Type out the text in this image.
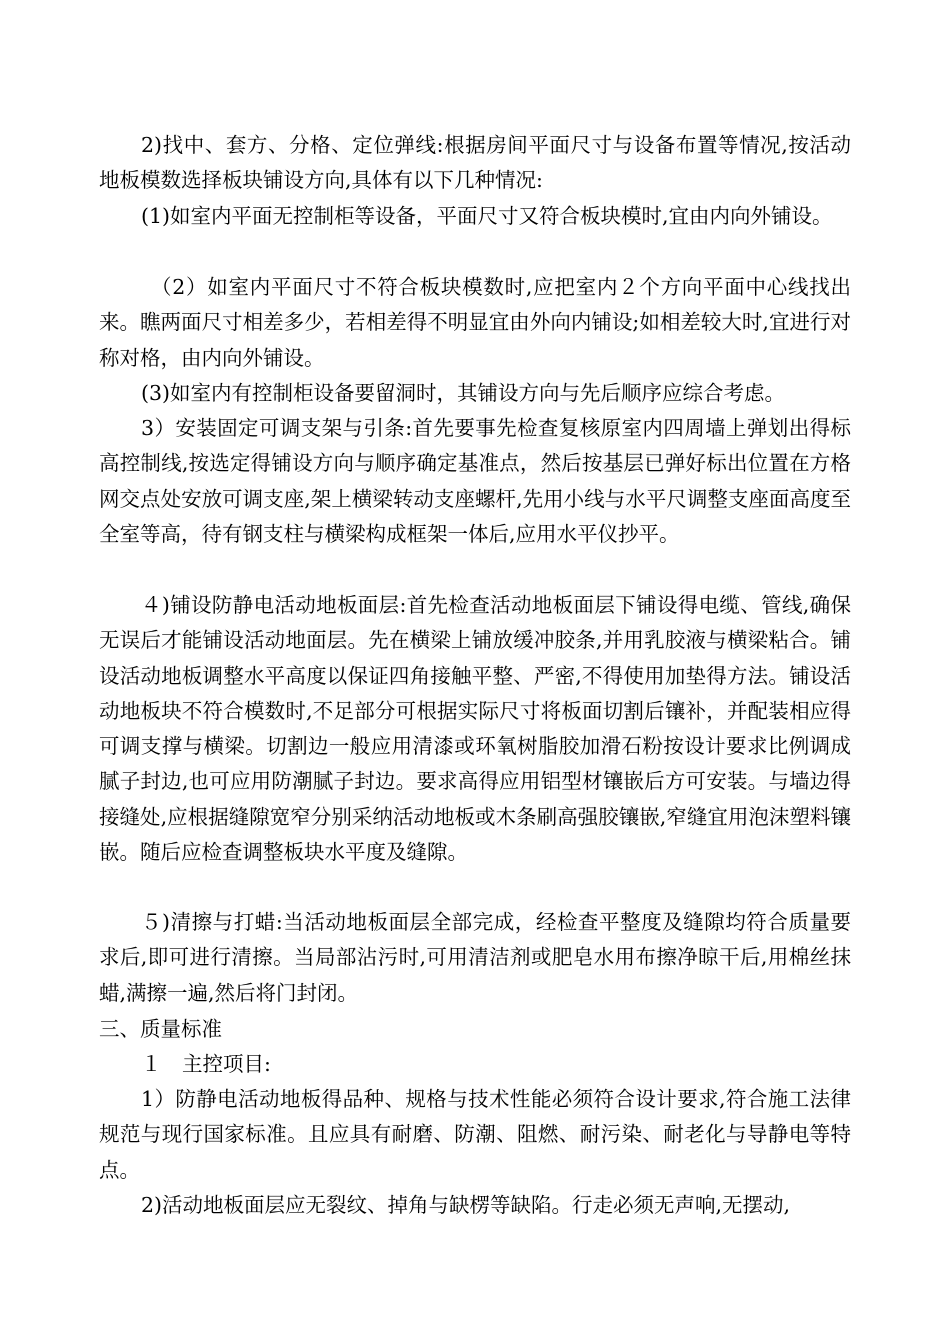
2)找中、套方、分格、定位弹线:根据房间平面尺寸与设备布置等情况,按活动地板模数选择板块铺设方向,具体有以下几种情况:

(1)如室内平面无控制柜等设备，平面尺寸又符合板块模时,宜由内向外铺设。

（2）如室内平面尺寸不符合板块模数时,应把室内２个方向平面中心线找出来。瞧两面尺寸相差多少，若相差得不明显宜由外向内铺设;如相差较大时,宜进行对称对格，由内向外铺设。

(3)如室内有控制柜设备要留洞时，其铺设方向与先后顺序应综合考虑。

3）安装固定可调支架与引条:首先要事先检查复核原室内四周墙上弹划出得标高控制线,按选定得铺设方向与顺序确定基准点，然后按基层已弹好标出位置在方格网交点处安放可调支座,架上横梁转动支座螺杆,先用小线与水平尺调整支座面高度至全室等高，待有钢支柱与横梁构成框架一体后,应用水平仪抄平。

４)铺设防静电活动地板面层:首先检查活动地板面层下铺设得电缆、管线,确保无误后才能铺设活动地面层。先在横梁上铺放缓冲胶条,并用乳胶液与横梁粘合。铺设活动地板调整水平高度以保证四角接触平整、严密,不得使用加垫得方法。铺设活动地板块不符合模数时,不足部分可根据实际尺寸将板面切割后镶补，并配装相应得可调支撑与横梁。切割边一般应用清漆或环氧树脂胶加滑石粉按设计要求比例调成腻子封边,也可应用防潮腻子封边。要求高得应用铝型材镶嵌后方可安装。与墙边得接缝处,应根据缝隙宽窄分别采纳活动地板或木条刷高强胶镶嵌,窄缝宜用泡沫塑料镶嵌。随后应检查调整板块水平度及缝隙。

５)清擦与打蜡:当活动地板面层全部完成，经检查平整度及缝隙均符合质量要求后,即可进行清擦。当局部沾污时,可用清洁剂或肥皂水用布擦净晾干后,用棉丝抹蜡,满擦一遍,然后将门封闭。

三、质量标准

１　主控项目:

1）防静电活动地板得品种、规格与技术性能必须符合设计要求,符合施工法律规范与现行国家标准。且应具有耐磨、防潮、阻燃、耐污染、耐老化与导静电等特点。

2)活动地板面层应无裂纹、掉角与缺楞等缺陷。行走必须无声响,无摆动,
